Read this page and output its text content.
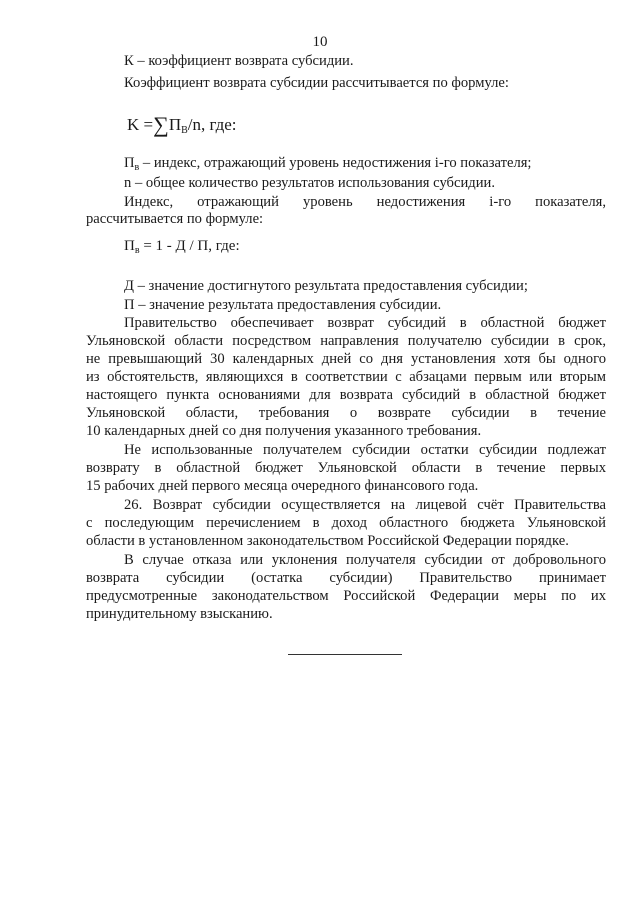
10
К – коэффициент возврата субсидии.
Коэффициент возврата субсидии рассчитывается по формуле:
$K =\sum П_В/n$, где:
$П_в$ – индекс, отражающий уровень недостижения i-го показателя;
n – общее количество результатов использования субсидии.
Индекс, отражающий уровень недостижения i-го показателя,
рассчитывается по формуле:
$П_в = 1 - Д / П$, где:
Д – значение достигнутого результата предоставления субсидии;
П – значение результата предоставления субсидии.
Правительство обеспечивает возврат субсидий в областной бюджет
Ульяновской области посредством направления получателю субсидии в срок,
не превышающий 30 календарных дней со дня установления хотя бы одного
из обстоятельств, являющихся в соответствии с абзацами первым или вторым
настоящего пункта основаниями для возврата субсидий в областной бюджет
Ульяновской области, требования о возврате субсидии в течение
10 календарных дней со дня получения указанного требования.
Не использованные получателем субсидии остатки субсидии подлежат
возврату в областной бюджет Ульяновской области в течение первых
15 рабочих дней первого месяца очередного финансового года.
26. Возврат субсидии осуществляется на лицевой счёт Правительства
с последующим перечислением в доход областного бюджета Ульяновской
области в установленном законодательством Российской Федерации порядке.
В случае отказа или уклонения получателя субсидии от добровольного
возврата субсидии (остатка субсидии) Правительство принимает
предусмотренные законодательством Российской Федерации меры по их
принудительному взысканию.
